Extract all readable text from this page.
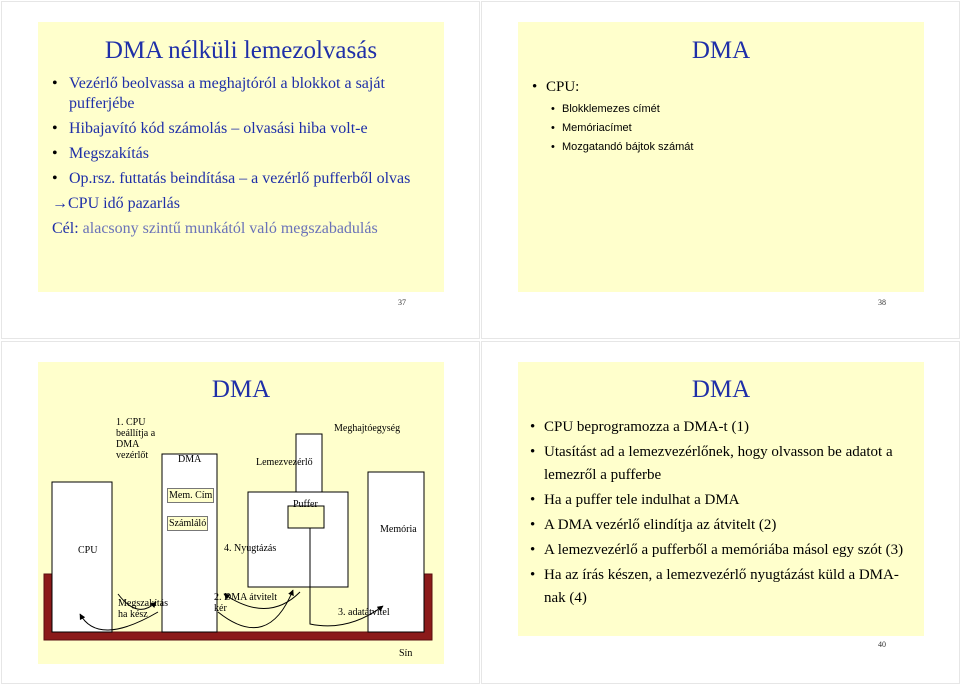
DMA nélküli lemezolvasás
• Vezérlő beolvassa a meghajtóról a blokkot a saját pufferjébe
• Hibajavító kód számolás – olvasási hiba volt-e
• Megszakítás
• Op.rsz. futtatás beindítása – a vezérlő pufferből olvas
→CPU idő pazarlás
Cél: alacsony szintű munkától való megszabadulás
37
DMA
• CPU:
• Blokklemezes címét
• Memóriacímet
• Mozgatandó bájtok számát
38
DMA
CPU
1. CPU beállítja a DMA vezérlőt	DMA
Mem. Cím
Számláló
Lemezvezérlő
Puffer
Meghajtóegység
Memória
4. Nyugtázás
Megszakítás ha kész
2. DMA átvitelt kér	3. adatátvitel
Sín
DMA
• CPU beprogramozza a DMA-t (1)
• Utasítást ad a lemezvezérlőnek, hogy olvasson be adatot a lemezről a pufferbe
• Ha a puffer tele indulhat a DMA
• A DMA vezérlő elindítja az átvitelt (2)
• A lemezvezérlő a pufferből a memóriába másol egy szót (3)
• Ha az írás készen, a lemezvezérlő nyugtázást küld a DMA-nak (4)
40
